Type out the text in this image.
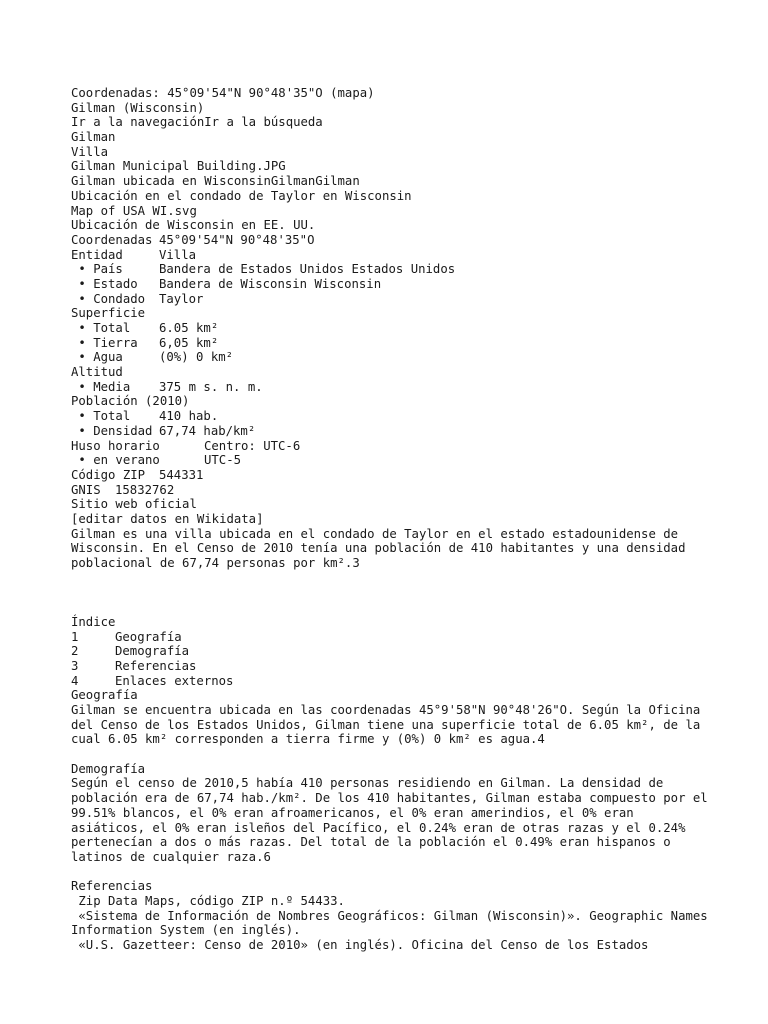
Coordenadas: 45°09'54"N 90°48'35"O (mapa)

Gilman (Wisconsin)

Ir a la navegaciónIr a la búsqueda

Gilman

Villa

Gilman Municipal Building.JPG

Gilman ubicada en WisconsinGilmanGilman

Ubicación en el condado de Taylor en Wisconsin

Map of USA WI.svg

Ubicación de Wisconsin en EE. UU.

Coordenadas 45°09'54"N 90°48'35"O
Entidad	Villa
• País	Bandera de Estados Unidos Estados Unidos
• Estado	Bandera de Wisconsin Wisconsin
• Condado	Taylor

Superficie

• Total	6.05 km²
• Tierra	6,05 km²
• Agua	(0%) 0 km²

Altitud

• Media	375 m s. n. m.

Población (2010)

• Total	410 hab.
• Densidad 67,74 hab/km²
Huso horario	Centro: UTC-6
• en verano	UTC-5
Código ZIP	544331
GNIS	15832762

Sitio web oficial

[editar datos en Wikidata]

Gilman es una villa ubicada en el condado de Taylor en el estado estadounidense de Wisconsin. En el Censo de 2010 tenía una población de 410 habitantes y una densidad poblacional de 67,74 personas por km².3

Índice

1	Geografía
2	Demografía
3	Referencias
4	Enlaces externos

Geografía

Gilman se encuentra ubicada en las coordenadas 45°9'58"N 90°48'26"O. Según la Oficina del Censo de los Estados Unidos, Gilman tiene una superficie total de 6.05 km², de la cual 6.05 km² corresponden a tierra firme y (0%) 0 km² es agua.4

Demografía

Según el censo de 2010,5 había 410 personas residiendo en Gilman. La densidad de población era de 67,74 hab./km². De los 410 habitantes, Gilman estaba compuesto por el 99.51% blancos, el 0% eran afroamericanos, el 0% eran amerindios, el 0% eran asiáticos, el 0% eran isleños del Pacífico, el 0.24% eran de otras razas y el 0.24% pertenecían a dos o más razas. Del total de la población el 0.49% eran hispanos o latinos de cualquier raza.6

Referencias

Zip Data Maps, código ZIP n.º 54433.

«Sistema de Información de Nombres Geográficos: Gilman (Wisconsin)». Geographic Names Information System (en inglés).

«U.S. Gazetteer: Censo de 2010» (en inglés). Oficina del Censo de los Estados
